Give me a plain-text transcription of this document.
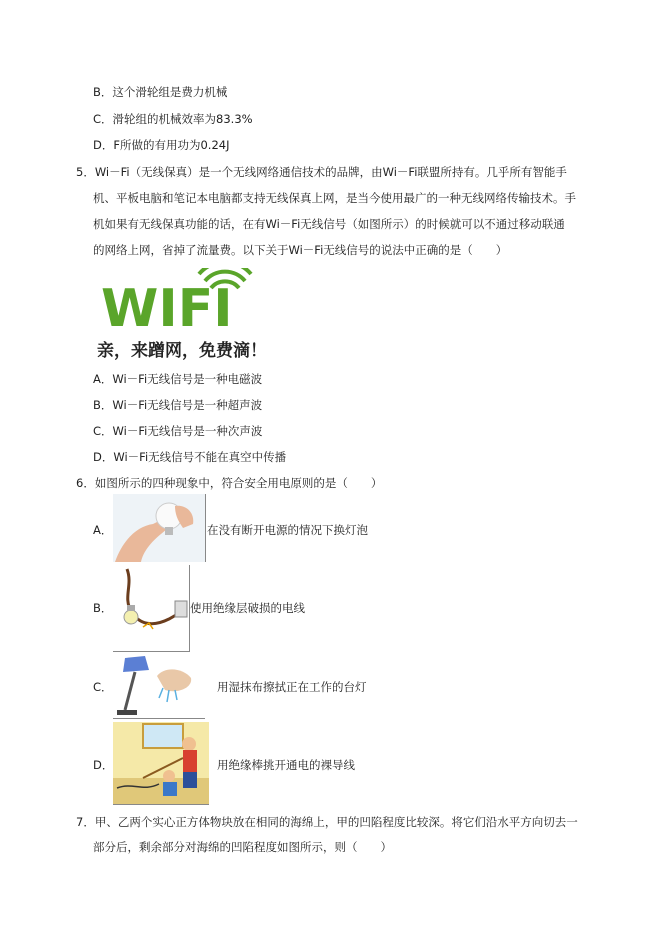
B．这个滑轮组是费力机械
C．滑轮组的机械效率为83.3%
D．F所做的有用功为0.24J
5．Wi－Fi（无线保真）是一个无线网络通信技术的品牌，由Wi－Fi联盟所持有。几乎所有智能手
机、平板电脑和笔记本电脑都支持无线保真上网，是当今使用最广的一种无线网络传输技术。手
机如果有无线保真功能的话，在有Wi－Fi无线信号（如图所示）的时候就可以不通过移动联通
的网络上网，省掉了流量费。以下关于Wi－Fi无线信号的说法中正确的是（　　）
WIFI
亲，来蹭网，免费滴！
A．Wi－Fi无线信号是一种电磁波
B．Wi－Fi无线信号是一种超声波
C．Wi－Fi无线信号是一种次声波
D．Wi－Fi无线信号不能在真空中传播
6．如图所示的四种现象中，符合安全用电原则的是（　　）
A．	在没有断开电源的情况下换灯泡
B．	使用绝缘层破损的电线
C．	用湿抹布擦拭正在工作的台灯
D．	用绝缘棒挑开通电的裸导线
7．甲、乙两个实心正方体物块放在相同的海绵上，甲的凹陷程度比较深。将它们沿水平方向切去一
部分后，剩余部分对海绵的凹陷程度如图所示，则（　　）
